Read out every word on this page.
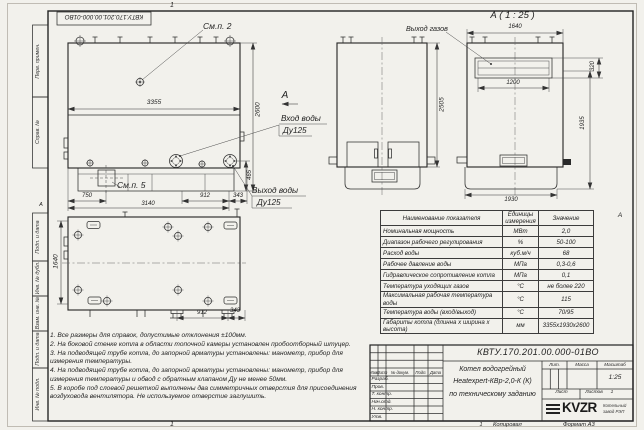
Перв. примен.
Справ. №
Подп. и дата
Инв. № дубл.
Взам. инв. №
Подп. и дата
Инв. № подл.
КВТУ.170.201.00.000-01ВО
1
1
А
А
См.п. 2
3355
А
2600
Вход воды
Ду125
Выход воды
Ду125
См.п. 5
750	912	343
3140
465
1640
912	343
2505
А ( 1 : 25 )
Выход газов	1640
1200
320
1935
1930
Наименование показателя	Единицы измерения	Значение
Номинальная мощность	МВт	2,0
Диапазон рабочего регулирования	%	50-100
Расход воды	куб.м/ч	68
Рабочее давление воды	МПа	0,3-0,6
Гидравлическое сопротивление котла	МПа	0,1
Температура уходящих газов	°С	не более 220
Максимальная рабочая температура воды	°С	115
Температура воды (вход/выход)	°С	70/95
Габариты котла (длинна х ширина х высота)	мм	3355х1930х2600
1. Все размеры для справок, допустимые отклонения ±100мм.
2. На боковой стенке котла в области топочной камеры установлен пробоотборный штуцер.
3. На подводящей трубе котла, до запорной арматуры установлены: манометр, прибор для измерения температуры.
4. На подводящей трубе котла, до запорной арматуры установлены: манометр, прибор для измерения температуры и обвод с обратным клапаном Ду не менее 50мм.
5. В коробе под слоевой решеткой выполнены два симметричных отверстия для присоединения воздуховода вентилятора. Не используемое отверстие заглушить.
КВТУ.170.201.00.000-01ВО
Котел водогрейный
Heatexpert-КВр-2,0-К (К)
по техническому заданию
Изм.
Лист № докум.	Подп. Дата
Разраб.
Пров.
Т. контр.
Нач.отд.
Н. контр.
Утв.
Лит.	Масса	Масштаб
1:25
Лист	Листов	1
KVZR Котельный завод РЭП
1	Копировал	Формат А3
